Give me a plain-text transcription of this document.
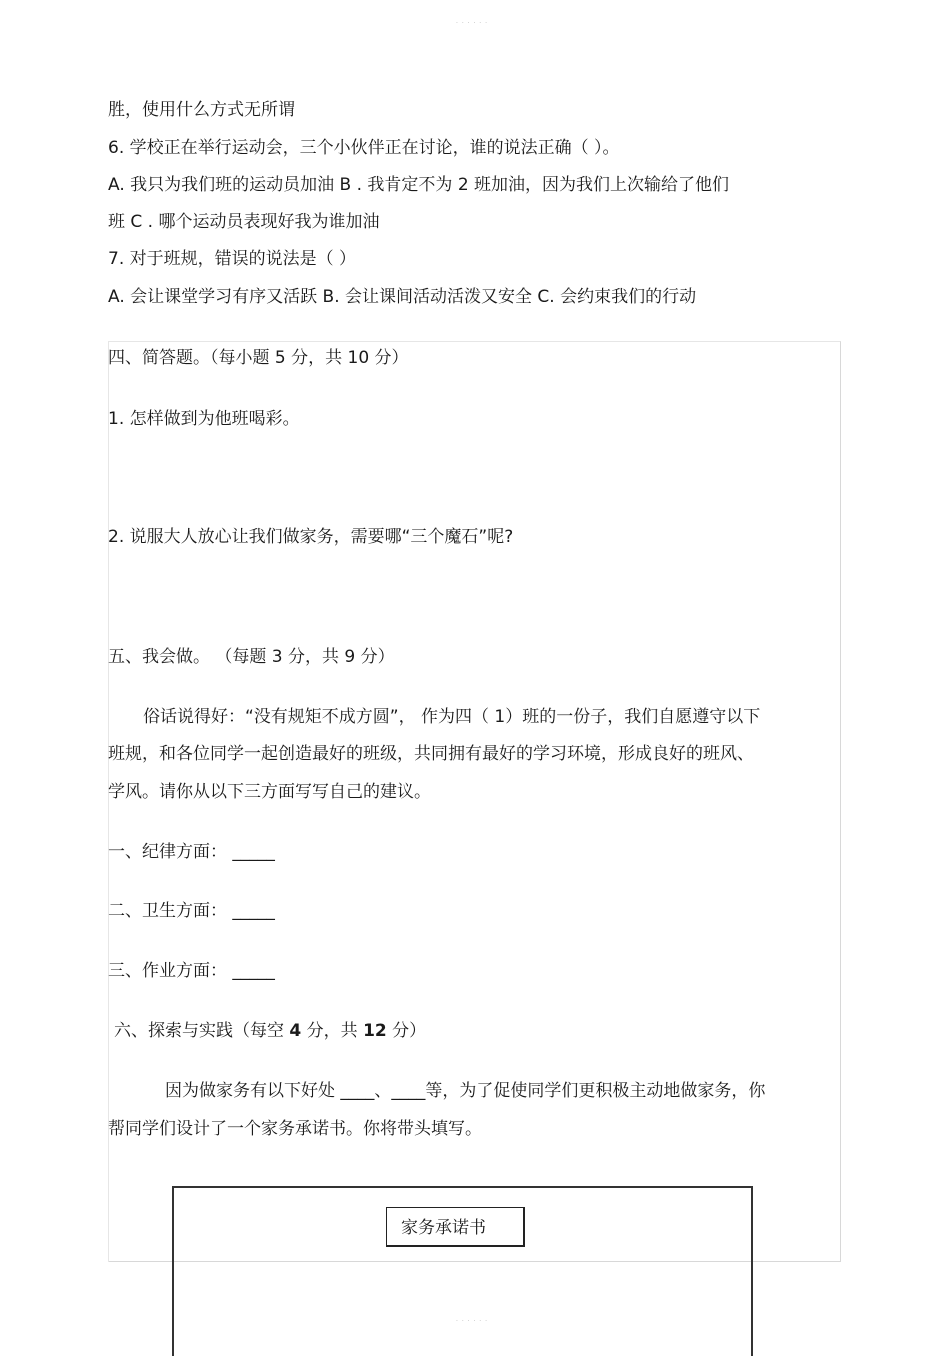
· · · · · ·
胜，使用什么方式无所谓
6. 学校正在举行运动会，三个小伙伴正在讨论，谁的说法正确（ ）。
A. 我只为我们班的运动员加油 B . 我肯定不为 2 班加油，因为我们上次输给了他们
班 C . 哪个运动员表现好我为谁加油
7. 对于班规，错误的说法是（ ）
A. 会让课堂学习有序又活跃 B. 会让课间活动活泼又安全 C. 会约束我们的行动
四、简答题。（每小题 5 分，共 10 分）
1. 怎样做到为他班喝彩。
2. 说服大人放心让我们做家务，需要哪“三个魔石”呢?
五、我会做。 （每题 3 分，共 9 分）
俗话说得好：“没有规矩不成方圆”， 作为四（ 1）班的一份子，我们自愿遵守以下
班规，和各位同学一起创造最好的班级，共同拥有最好的学习环境，形成良好的班风、
学风。请你从以下三方面写写自己的建议。
一、纪律方面： _____
二、卫生方面： _____
三、作业方面： _____
六、探索与实践（每空 4 分，共 12 分）
因为做家务有以下好处 ____、____等，为了促使同学们更积极主动地做家务，你
帮同学们设计了一个家务承诺书。你将带头填写。
家务承诺书
· · · · · ·
